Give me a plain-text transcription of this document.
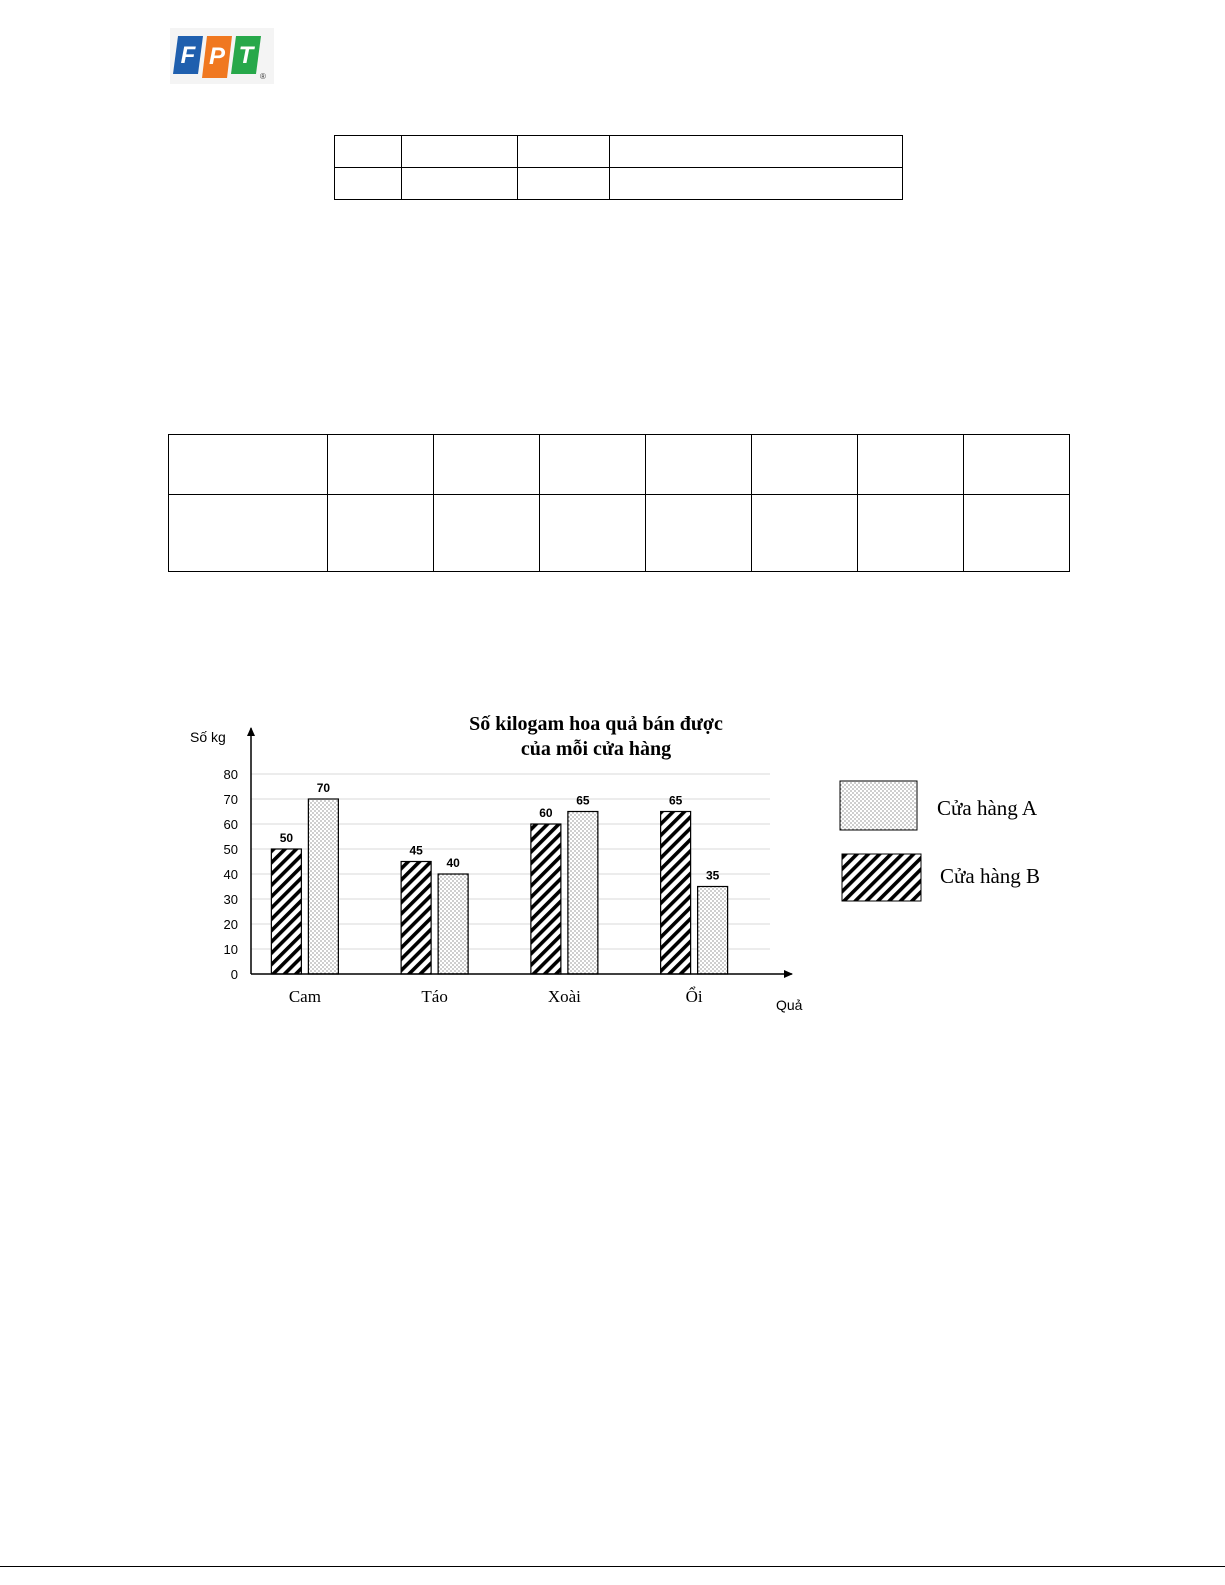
F P T
®

0
10
20
30
40
50
60
70
80
50
70
Cam
45
40
Táo
60
65
Xoài
65
35
Ổi
Số kg
Quả
Số kilogam hoa quả bán được
của mỗi cửa hàng
Cửa hàng A
Cửa hàng B
